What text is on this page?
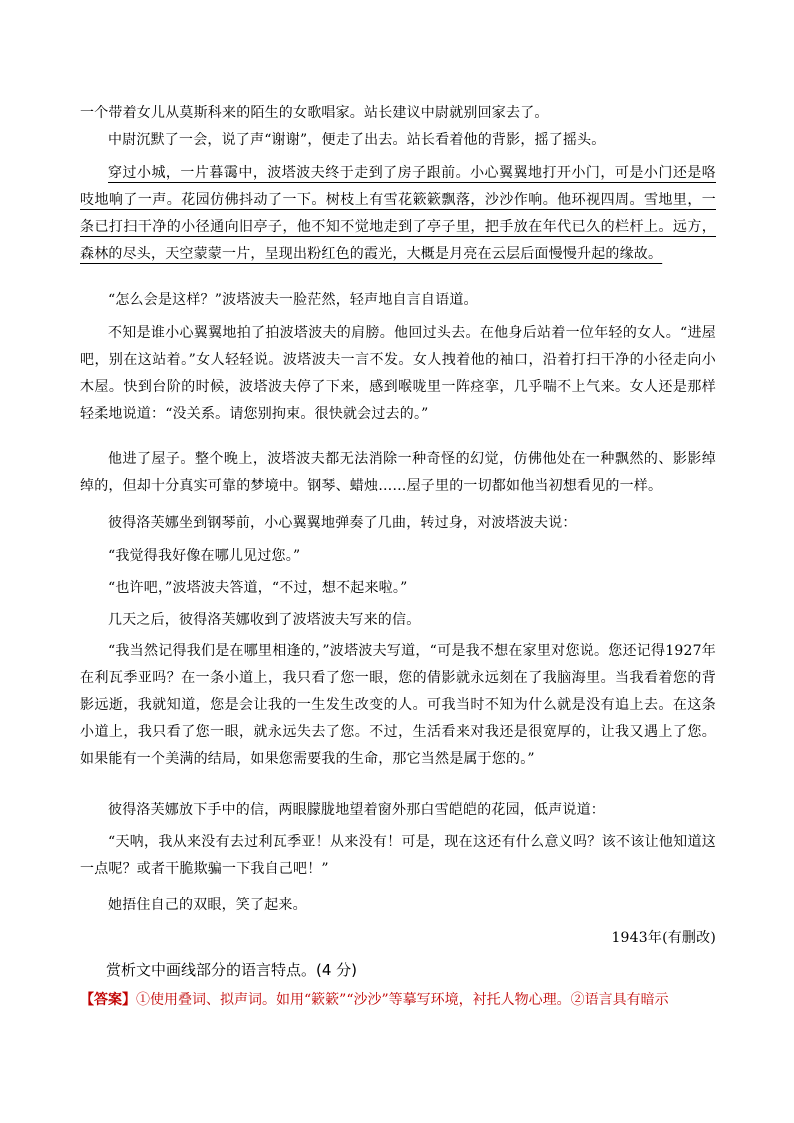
一个带着女儿从莫斯科来的陌生的女歌唱家。站长建议中尉就别回家去了。

中尉沉默了一会，说了声“谢谢”，便走了出去。站长看着他的背影，摇了摇头。

穿过小城，一片暮霭中，波塔波夫终于走到了房子跟前。小心翼翼地打开小门，可是小门还是咯吱地响了一声。花园仿佛抖动了一下。树枝上有雪花簌簌飘落，沙沙作响。他环视四周。雪地里，一条已打扫干净的小径通向旧亭子，他不知不觉地走到了亭子里，把手放在年代已久的栏杆上。远方，森林的尽头，天空蒙蒙一片，呈现出粉红色的霞光，大概是月亮在云层后面慢慢升起的缘故。

“怎么会是这样？”波塔波夫一脸茫然，轻声地自言自语道。

不知是谁小心翼翼地拍了拍波塔波夫的肩膀。他回过头去。在他身后站着一位年轻的女人。“进屋吧，别在这站着。”女人轻轻说。波塔波夫一言不发。女人拽着他的袖口，沿着打扫干净的小径走向小木屋。快到台阶的时候，波塔波夫停了下来，感到喉咙里一阵痉挛，几乎喘不上气来。女人还是那样轻柔地说道：“没关系。请您别拘束。很快就会过去的。”

他进了屋子。整个晚上，波塔波夫都无法消除一种奇怪的幻觉，仿佛他处在一种飘然的、影影绰绰的，但却十分真实可靠的梦境中。钢琴、蜡烛……屋子里的一切都如他当初想看见的一样。

彼得洛芙娜坐到钢琴前，小心翼翼地弹奏了几曲，转过身，对波塔波夫说：

“我觉得我好像在哪儿见过您。”

“也许吧，”波塔波夫答道，“不过，想不起来啦。”

几天之后，彼得洛芙娜收到了波塔波夫写来的信。

“我当然记得我们是在哪里相逢的，”波塔波夫写道，“可是我不想在家里对您说。您还记得1927年在利瓦季亚吗？在一条小道上，我只看了您一眼，您的倩影就永远刻在了我脑海里。当我看着您的背影远逝，我就知道，您是会让我的一生发生改变的人。可我当时不知为什么就是没有追上去。在这条小道上，我只看了您一眼，就永远失去了您。不过，生活看来对我还是很宽厚的，让我又遇上了您。如果能有一个美满的结局，如果您需要我的生命，那它当然是属于您的。”

彼得洛芙娜放下手中的信，两眼朦胧地望着窗外那白雪皑皑的花园，低声说道：

“天呐，我从来没有去过利瓦季亚！从来没有！可是，现在这还有什么意义吗？该不该让他知道这一点呢？或者干脆欺骗一下我自己吧！”

她捂住自己的双眼，笑了起来。

1943年(有删改)

赏析文中画线部分的语言特点。(4 分)
【答案】①使用叠词、拟声词。如用“簌簌”“沙沙”等摹写环境，衬托人物心理。②语言具有暗示
